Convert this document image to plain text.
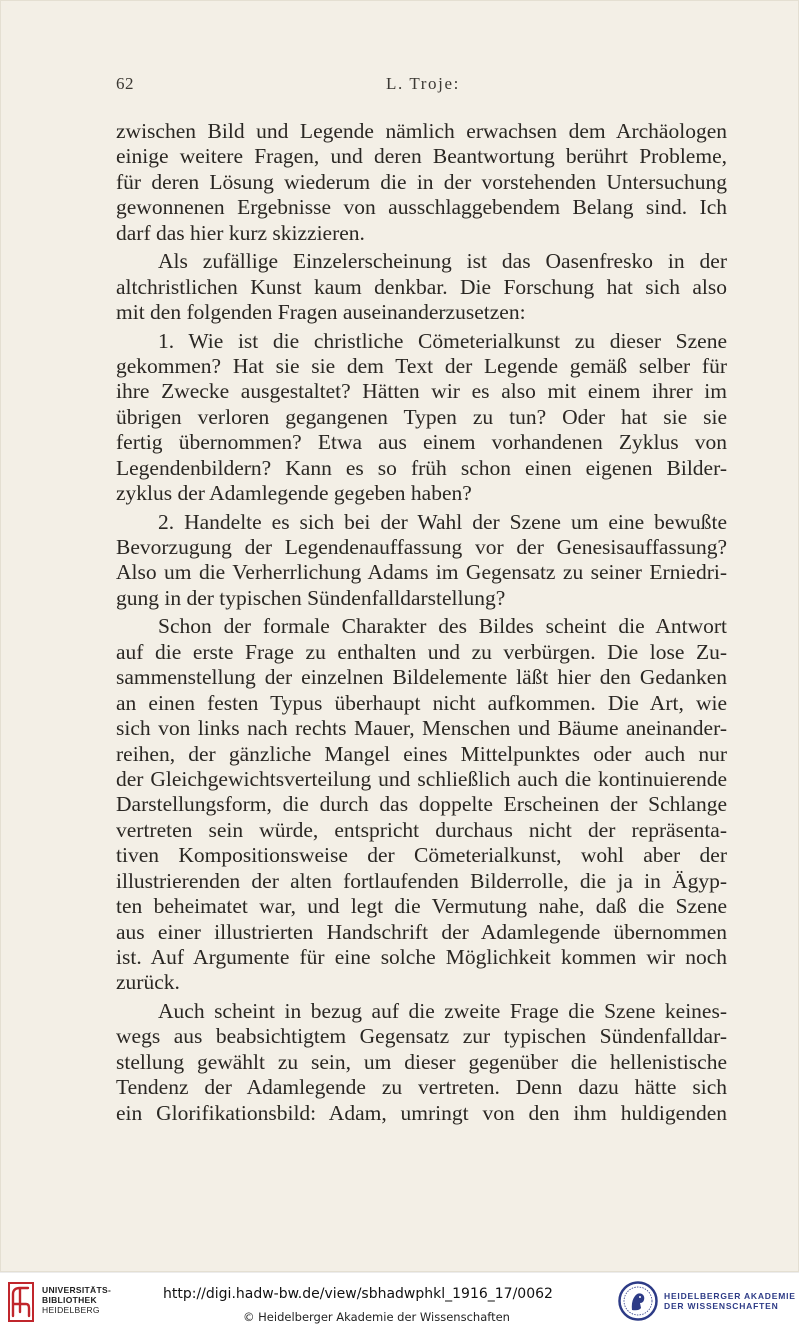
62	L. Troje:
zwischen Bild und Legende nämlich erwachsen dem Archäologen
einige weitere Fragen, und deren Beantwortung berührt Probleme,
für deren Lösung wiederum die in der vorstehenden Untersuchung
gewonnenen Ergebnisse von ausschlaggebendem Belang sind. Ich
darf das hier kurz skizzieren.
Als zufällige Einzelerscheinung ist das Oasenfresko in der
altchristlichen Kunst kaum denkbar. Die Forschung hat sich also
mit den folgenden Fragen auseinanderzusetzen:
1. Wie ist die christliche Cömeterialkunst zu dieser Szene
gekommen? Hat sie sie dem Text der Legende gemäß selber für
ihre Zwecke ausgestaltet? Hätten wir es also mit einem ihrer im
übrigen verloren gegangenen Typen zu tun? Oder hat sie sie
fertig übernommen? Etwa aus einem vorhandenen Zyklus von
Legendenbildern? Kann es so früh schon einen eigenen Bilder-
zyklus der Adamlegende gegeben haben?
2. Handelte es sich bei der Wahl der Szene um eine bewußte
Bevorzugung der Legendenauffassung vor der Genesisauffassung?
Also um die Verherrlichung Adams im Gegensatz zu seiner Erniedri-
gung in der typischen Sündenfalldarstellung?
Schon der formale Charakter des Bildes scheint die Antwort
auf die erste Frage zu enthalten und zu verbürgen. Die lose Zu-
sammenstellung der einzelnen Bildelemente läßt hier den Gedanken
an einen festen Typus überhaupt nicht aufkommen. Die Art, wie
sich von links nach rechts Mauer, Menschen und Bäume aneinander-
reihen, der gänzliche Mangel eines Mittelpunktes oder auch nur
der Gleichgewichtsverteilung und schließlich auch die kontinuierende
Darstellungsform, die durch das doppelte Erscheinen der Schlange
vertreten sein würde, entspricht durchaus nicht der repräsenta-
tiven Kompositionsweise der Cömeterialkunst, wohl aber der
illustrierenden der alten fortlaufenden Bilderrolle, die ja in Ägyp-
ten beheimatet war, und legt die Vermutung nahe, daß die Szene
aus einer illustrierten Handschrift der Adamlegende übernommen
ist. Auf Argumente für eine solche Möglichkeit kommen wir noch
zurück.
Auch scheint in bezug auf die zweite Frage die Szene keines-
wegs aus beabsichtigtem Gegensatz zur typischen Sündenfalldar-
stellung gewählt zu sein, um dieser gegenüber die hellenistische
Tendenz der Adamlegende zu vertreten. Denn dazu hätte sich
ein Glorifikationsbild: Adam, umringt von den ihm huldigenden
UNIVERSITÄTS-
BIBLIOTHEK
HEIDELBERG
http://digi.hadw-bw.de/view/sbhadwphkl_1916_17/0062
© Heidelberger Akademie der Wissenschaften
HEIDELBERGER AKADEMIE
DER WISSENSCHAFTEN
